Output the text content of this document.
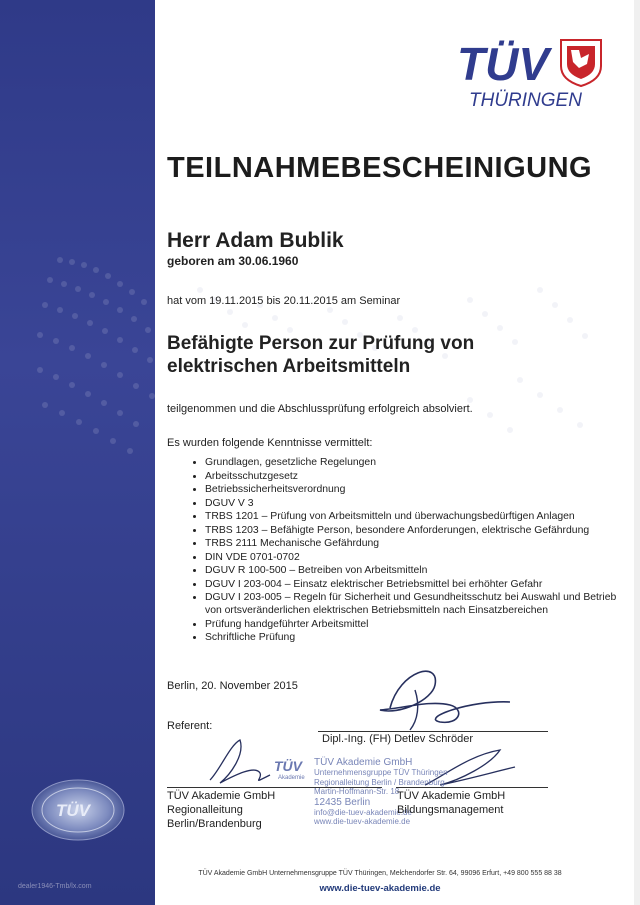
TÜV
THÜRINGEN
TEILNAHMEBESCHEINIGUNG
Herr Adam Bublik
geboren am 30.06.1960
hat vom 19.11.2015 bis 20.11.2015 am Seminar
Befähigte Person zur Prüfung von
elektrischen Arbeitsmitteln
teilgenommen und die Abschlussprüfung erfolgreich absolviert.
Es wurden folgende Kenntnisse vermittelt:
• Grundlagen, gesetzliche Regelungen
• Arbeitsschutzgesetz
• Betriebssicherheitsverordnung
• DGUV V 3
• TRBS 1201 – Prüfung von Arbeitsmitteln und überwachungsbedürftigen Anlagen
• TRBS 1203 – Befähigte Person, besondere Anforderungen, elektrische Gefährdung
• TRBS 2111 Mechanische Gefährdung
• DIN VDE 0701-0702
• DGUV R 100-500 – Betreiben von Arbeitsmitteln
• DGUV I 203-004 – Einsatz elektrischer Betriebsmittel bei erhöhter Gefahr
• DGUV I 203-005 – Regeln für Sicherheit und Gesundheitsschutz bei Auswahl und Betrieb von ortsveränderlichen elektrischen Betriebsmitteln nach Einsatzbereichen
• Prüfung handgeführter Arbeitsmittel
• Schriftliche Prüfung
Berlin, 20. November 2015
Referent:
Dipl.-Ing. (FH) Detlev Schröder
TÜV
Akademie
TÜV Akademie GmbH
Unternehmensgruppe TÜV Thüringen
Regionalleitung Berlin / Brandenburg
Martin-Hoffmann-Str. 18
12435 Berlin
info@die-tuev-akademie.de
www.die-tuev-akademie.de
TÜV Akademie GmbH
Regionalleitung
Berlin/Brandenburg
TÜV Akademie GmbH
Bildungsmanagement
TÜV
dealer1946-Tmb/lx.com
TÜV Akademie GmbH Unternehmensgruppe TÜV Thüringen, Melchendorfer Str. 64, 99096 Erfurt, +49 800 555 88 38
www.die-tuev-akademie.de
